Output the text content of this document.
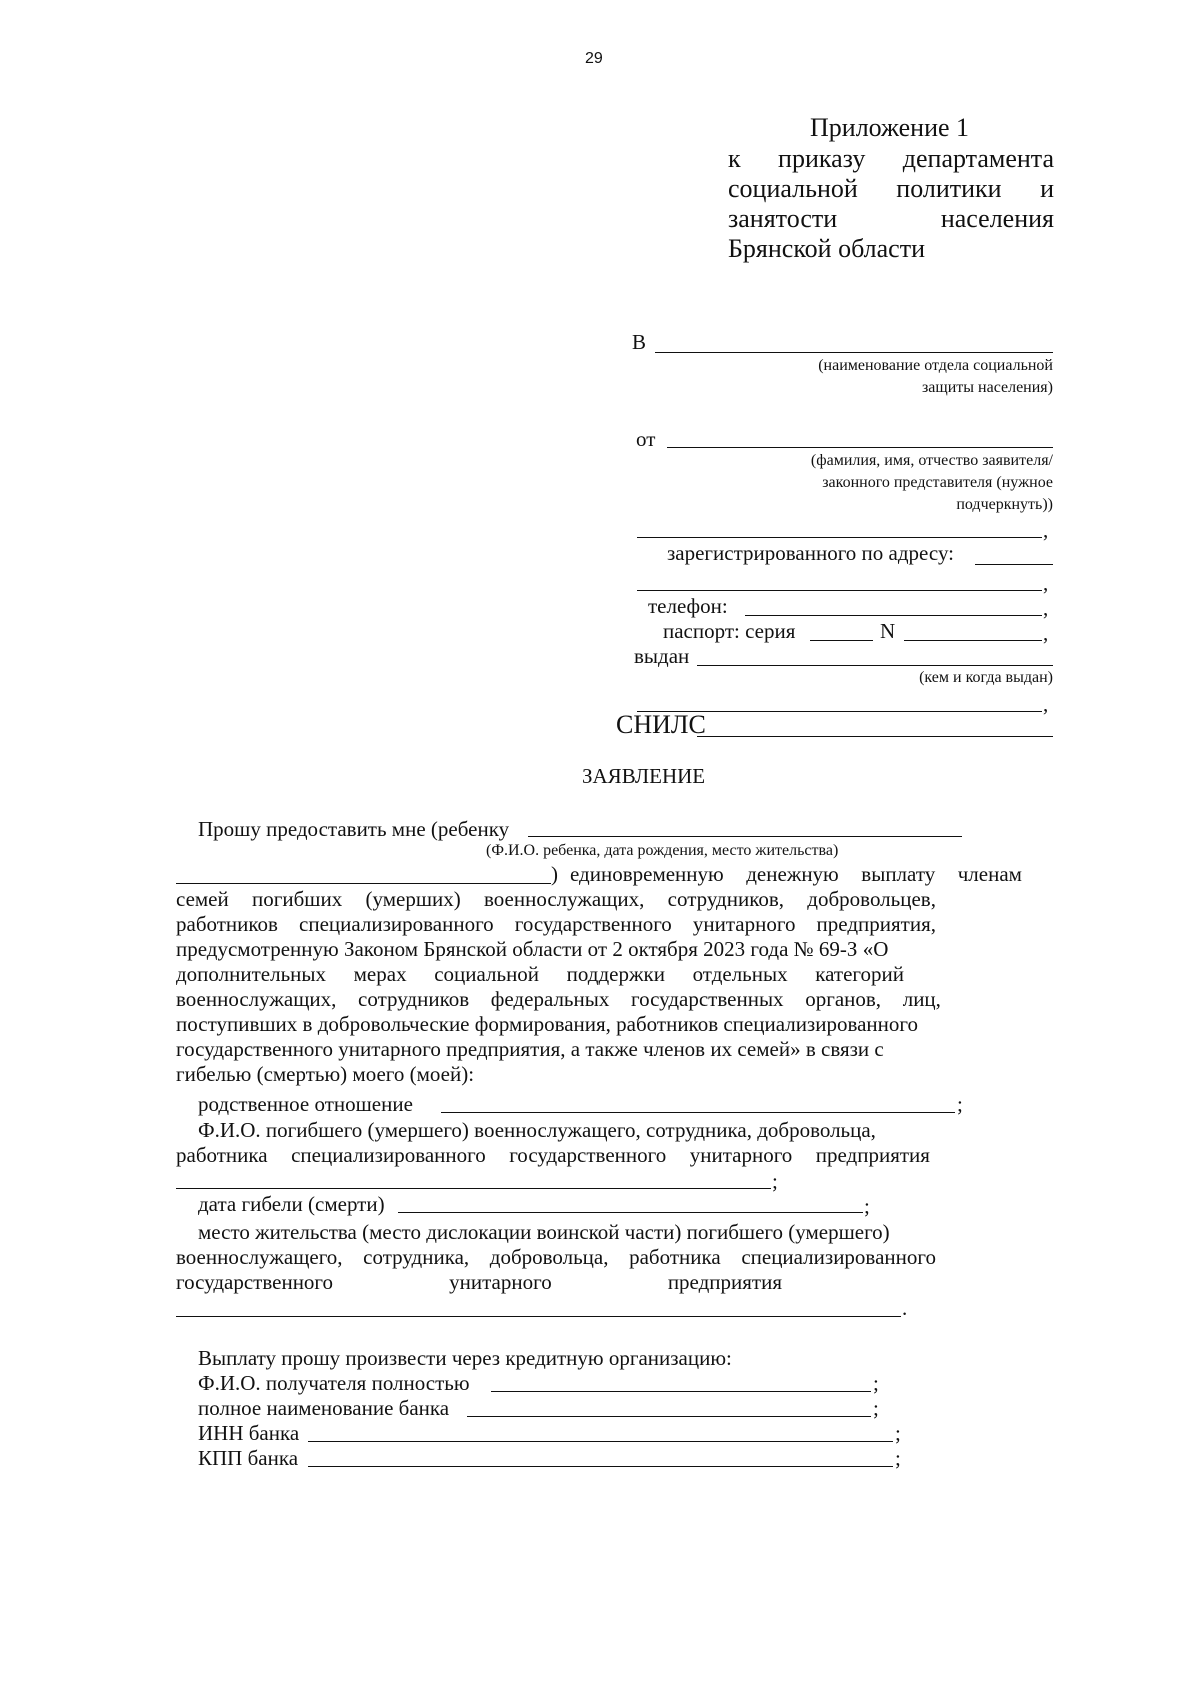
29
Приложение 1
к приказу департамента
социальной политики и
занятости	населения
Брянской области
В
(наименование отдела социальной
защиты населения)
от
(фамилия, имя, отчество заявителя/
законного представителя (нужное
подчеркнуть))
,
зарегистрированного по адресу:
,
телефон:	,
паспорт: серия	N	,
выдан
(кем и когда выдан)
,
СНИЛС
ЗАЯВЛЕНИЕ
Прошу предоставить мне (ребенку
(Ф.И.О. ребенка, дата рождения, место жительства)
) единовременную денежную выплату членам
семей погибших (умерших) военнослужащих, сотрудников, добровольцев,
работников специализированного государственного унитарного предприятия,
предусмотренную Законом Брянской области от 2 октября 2023 года № 69-З «О
дополнительных мерах социальной поддержки отдельных категорий
военнослужащих, сотрудников федеральных государственных органов, лиц,
поступивших в добровольческие формирования, работников специализированного
государственного унитарного предприятия, а также членов их семей» в связи с
гибелью (смертью) моего (моей):
родственное отношение	;
Ф.И.О. погибшего (умершего) военнослужащего, сотрудника, добровольца,
работника специализированного государственного унитарного предприятия
;
дата гибели (смерти)	;
место жительства (место дислокации воинской части) погибшего (умершего)
военнослужащего, сотрудника, добровольца, работника специализированного
государственного	унитарного	предприятия
.
Выплату прошу произвести через кредитную организацию:
Ф.И.О. получателя полностью	;
полное наименование банка	;
ИНН банка	;
КПП банка	;
